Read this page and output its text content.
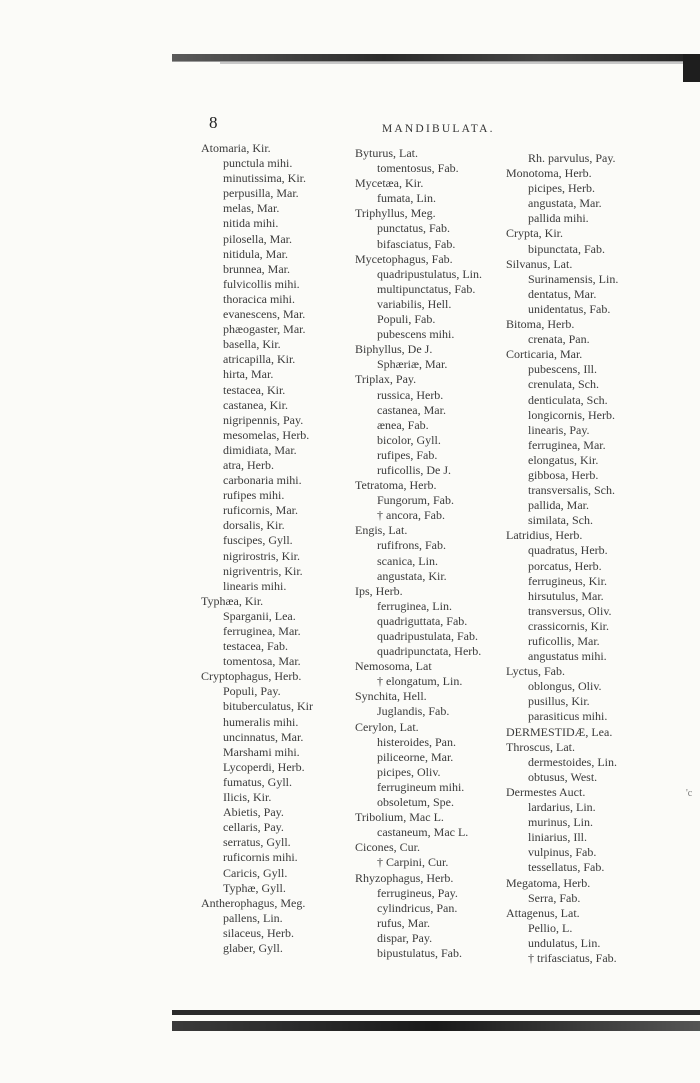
8	MANDIBULATA.
Atomaria, Kir.
punctula mihi.
minutissima, Kir.
perpusilla, Mar.
melas, Mar.
nitida mihi.
pilosella, Mar.
nitidula, Mar.
brunnea, Mar.
fulvicollis mihi.
thoracica mihi.
evanescens, Mar.
phæogaster, Mar.
basella, Kir.
atricapilla, Kir.
hirta, Mar.
testacea, Kir.
castanea, Kir.
nigripennis, Pay.
mesomelas, Herb.
dimidiata, Mar.
atra, Herb.
carbonaria mihi.
rufipes mihi.
ruficornis, Mar.
dorsalis, Kir.
fuscipes, Gyll.
nigrirostris, Kir.
nigriventris, Kir.
linearis mihi.
Typhæa, Kir.
Sparganii, Lea.
ferruginea, Mar.
testacea, Fab.
tomentosa, Mar.
Cryptophagus, Herb.
Populi, Pay.
bituberculatus, Kir
humeralis mihi.
uncinnatus, Mar.
Marshami mihi.
Lycoperdi, Herb.
fumatus, Gyll.
Ilicis, Kir.
Abietis, Pay.
cellaris, Pay.
serratus, Gyll.
ruficornis mihi.
Caricis, Gyll.
Typhæ, Gyll.
Antherophagus, Meg.
pallens, Lin.
silaceus, Herb.
glaber, Gyll.
Byturus, Lat.
tomentosus, Fab.
Mycetæa, Kir.
fumata, Lin.
Triphyllus, Meg.
punctatus, Fab.
bifasciatus, Fab.
Mycetophagus, Fab.
quadripustulatus, Lin.
multipunctatus, Fab.
variabilis, Hell.
Populi, Fab.
pubescens mihi.
Biphyllus, De J.
Sphæriæ, Mar.
Triplax, Pay.
russica, Herb.
castanea, Mar.
ænea, Fab.
bicolor, Gyll.
rufipes, Fab.
ruficollis, De J.
Tetratoma, Herb.
Fungorum, Fab.
† ancora, Fab.
Engis, Lat.
rufifrons, Fab.
scanica, Lin.
angustata, Kir.
Ips, Herb.
ferruginea, Lin.
quadriguttata, Fab.
quadripustulata, Fab.
quadripunctata, Herb.
Nemosoma, Lat
† elongatum, Lin.
Synchita, Hell.
Juglandis, Fab.
Cerylon, Lat.
histeroides, Pan.
piliceorne, Mar.
picipes, Oliv.
ferrugineum mihi.
obsoletum, Spe.
Tribolium, Mac L.
castaneum, Mac L.
Cicones, Cur.
† Carpini, Cur.
Rhyzophagus, Herb.
ferrugineus, Pay.
cylindricus, Pan.
rufus, Mar.
dispar, Pay.
bipustulatus, Fab.
Rh. parvulus, Pay.
Monotoma, Herb.
picipes, Herb.
angustata, Mar.
pallida mihi.
Crypta, Kir.
bipunctata, Fab.
Silvanus, Lat.
Surinamensis, Lin.
dentatus, Mar.
unidentatus, Fab.
Bitoma, Herb.
crenata, Pan.
Corticaria, Mar.
pubescens, Ill.
crenulata, Sch.
denticulata, Sch.
longicornis, Herb.
linearis, Pay.
ferruginea, Mar.
elongatus, Kir.
gibbosa, Herb.
transversalis, Sch.
pallida, Mar.
similata, Sch.
Latridius, Herb.
quadratus, Herb.
porcatus, Herb.
ferrugineus, Kir.
hirsutulus, Mar.
transversus, Oliv.
crassicornis, Kir.
ruficollis, Mar.
angustatus mihi.
Lyctus, Fab.
oblongus, Oliv.
pusillus, Kir.
parasiticus mihi.
DERMESTIDÆ, Lea.
Throscus, Lat.
dermestoides, Lin.
obtusus, West.
Dermestes Auct.
lardarius, Lin.
murinus, Lin.
liniarius, Ill.
vulpinus, Fab.
tessellatus, Fab.
Megatoma, Herb.
Serra, Fab.
Attagenus, Lat.
Pellio, L.
undulatus, Lin.
† trifasciatus, Fab.
'c
